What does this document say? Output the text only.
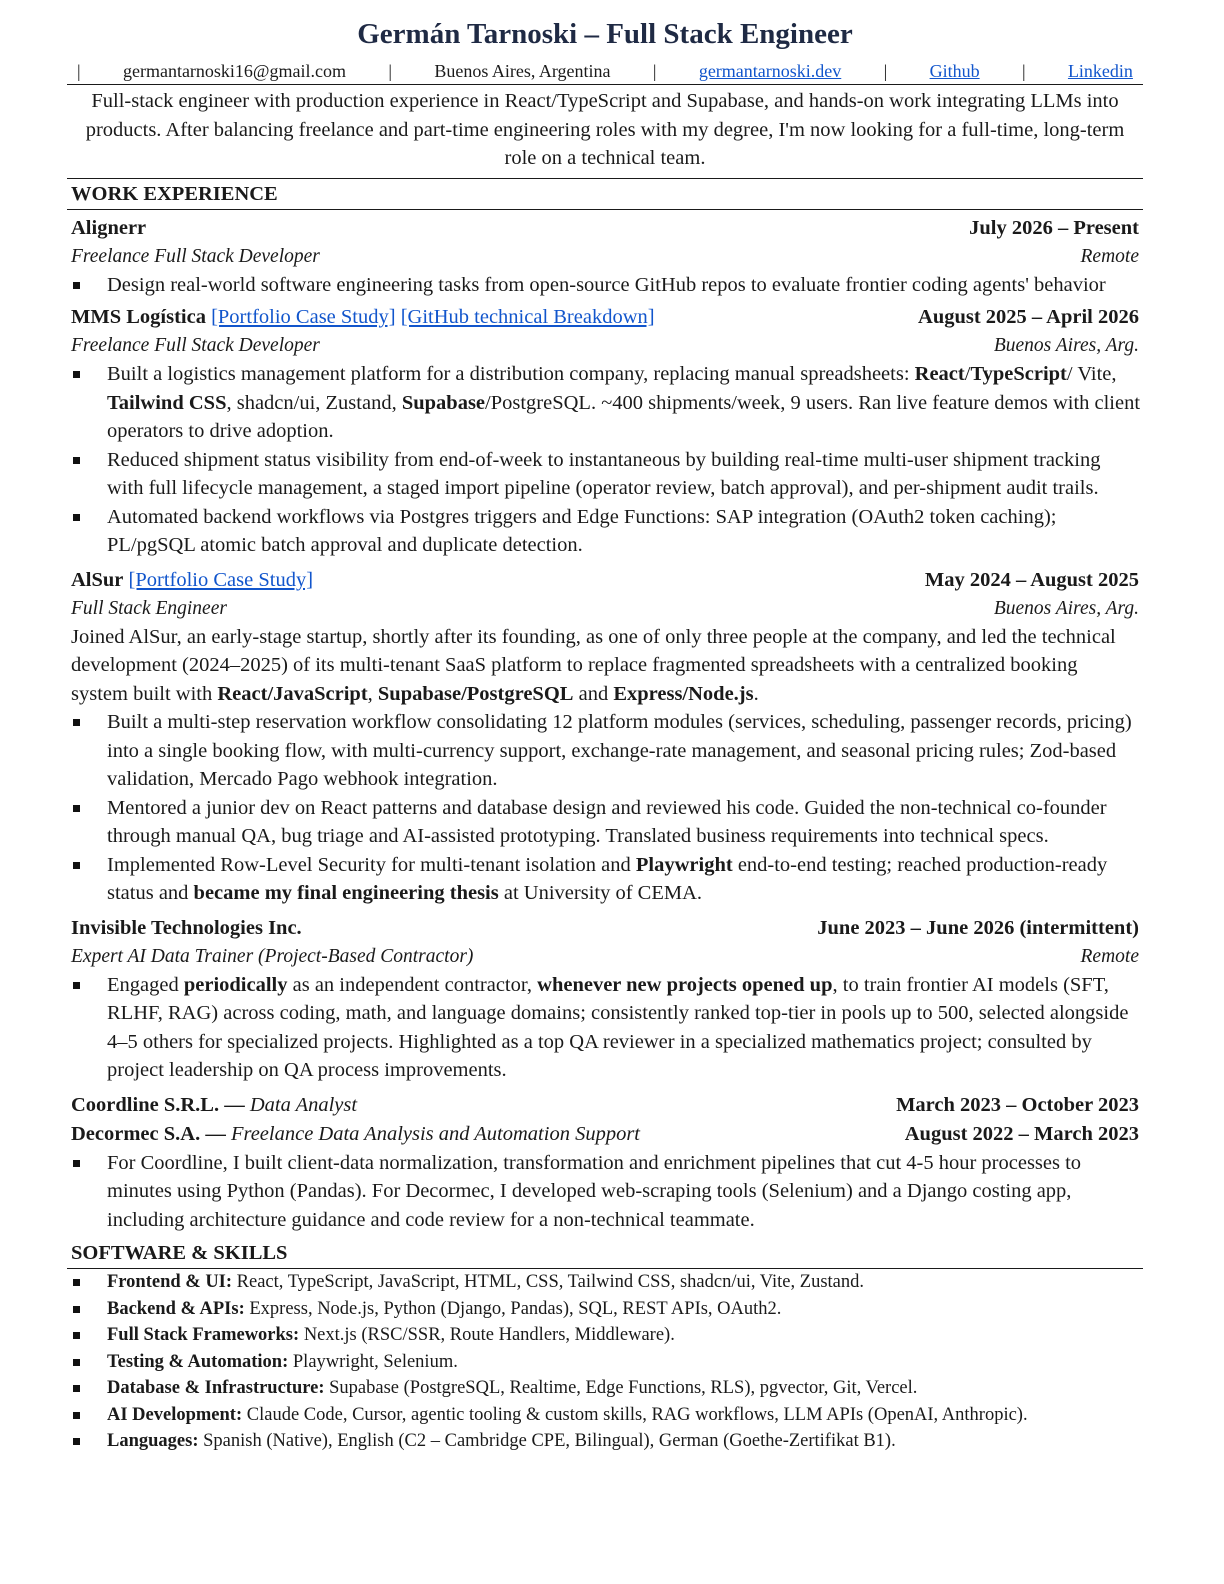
Germán Tarnoski – Full Stack Engineer
| germantarnoski16@gmail.com | Buenos Aires, Argentina | germantarnoski.dev | Github | Linkedin
Full-stack engineer with production experience in React/TypeScript and Supabase, and hands-on work integrating LLMs into products. After balancing freelance and part-time engineering roles with my degree, I'm now looking for a full-time, long-term role on a technical team.
WORK EXPERIENCE
Alignerr	July 2026 – Present
Freelance Full Stack Developer	Remote
Design real-world software engineering tasks from open-source GitHub repos to evaluate frontier coding agents' behavior
MMS Logística [Portfolio Case Study] [GitHub technical Breakdown]	August 2025 – April 2026
Freelance Full Stack Developer	Buenos Aires, Arg.
Built a logistics management platform for a distribution company, replacing manual spreadsheets: React/TypeScript/ Vite, Tailwind CSS, shadcn/ui, Zustand, Supabase/PostgreSQL. ~400 shipments/week, 9 users. Ran live feature demos with client operators to drive adoption.
Reduced shipment status visibility from end-of-week to instantaneous by building real-time multi-user shipment tracking with full lifecycle management, a staged import pipeline (operator review, batch approval), and per-shipment audit trails.
Automated backend workflows via Postgres triggers and Edge Functions: SAP integration (OAuth2 token caching); PL/pgSQL atomic batch approval and duplicate detection.
AlSur [Portfolio Case Study]	May 2024 – August 2025
Full Stack Engineer	Buenos Aires, Arg.
Joined AlSur, an early-stage startup, shortly after its founding, as one of only three people at the company, and led the technical development (2024–2025) of its multi-tenant SaaS platform to replace fragmented spreadsheets with a centralized booking system built with React/JavaScript, Supabase/PostgreSQL and Express/Node.js.
Built a multi-step reservation workflow consolidating 12 platform modules (services, scheduling, passenger records, pricing) into a single booking flow, with multi-currency support, exchange-rate management, and seasonal pricing rules; Zod-based validation, Mercado Pago webhook integration.
Mentored a junior dev on React patterns and database design and reviewed his code. Guided the non-technical co-founder through manual QA, bug triage and AI-assisted prototyping. Translated business requirements into technical specs.
Implemented Row-Level Security for multi-tenant isolation and Playwright end-to-end testing; reached production-ready status and became my final engineering thesis at University of CEMA.
Invisible Technologies Inc.	June 2023 – June 2026 (intermittent)
Expert AI Data Trainer (Project-Based Contractor)	Remote
Engaged periodically as an independent contractor, whenever new projects opened up, to train frontier AI models (SFT, RLHF, RAG) across coding, math, and language domains; consistently ranked top-tier in pools up to 500, selected alongside 4–5 others for specialized projects. Highlighted as a top QA reviewer in a specialized mathematics project; consulted by project leadership on QA process improvements.
Coordline S.R.L. — Data Analyst	March 2023 – October 2023
Decormec S.A. — Freelance Data Analysis and Automation Support	August 2022 – March 2023
For Coordline, I built client-data normalization, transformation and enrichment pipelines that cut 4-5 hour processes to minutes using Python (Pandas). For Decormec, I developed web-scraping tools (Selenium) and a Django costing app, including architecture guidance and code review for a non-technical teammate.
SOFTWARE & SKILLS
Frontend & UI: React, TypeScript, JavaScript, HTML, CSS, Tailwind CSS, shadcn/ui, Vite, Zustand.
Backend & APIs: Express, Node.js, Python (Django, Pandas), SQL, REST APIs, OAuth2.
Full Stack Frameworks: Next.js (RSC/SSR, Route Handlers, Middleware).
Testing & Automation: Playwright, Selenium.
Database & Infrastructure: Supabase (PostgreSQL, Realtime, Edge Functions, RLS), pgvector, Git, Vercel.
AI Development: Claude Code, Cursor, agentic tooling & custom skills, RAG workflows, LLM APIs (OpenAI, Anthropic).
Languages: Spanish (Native), English (C2 – Cambridge CPE, Bilingual), German (Goethe-Zertifikat B1).
